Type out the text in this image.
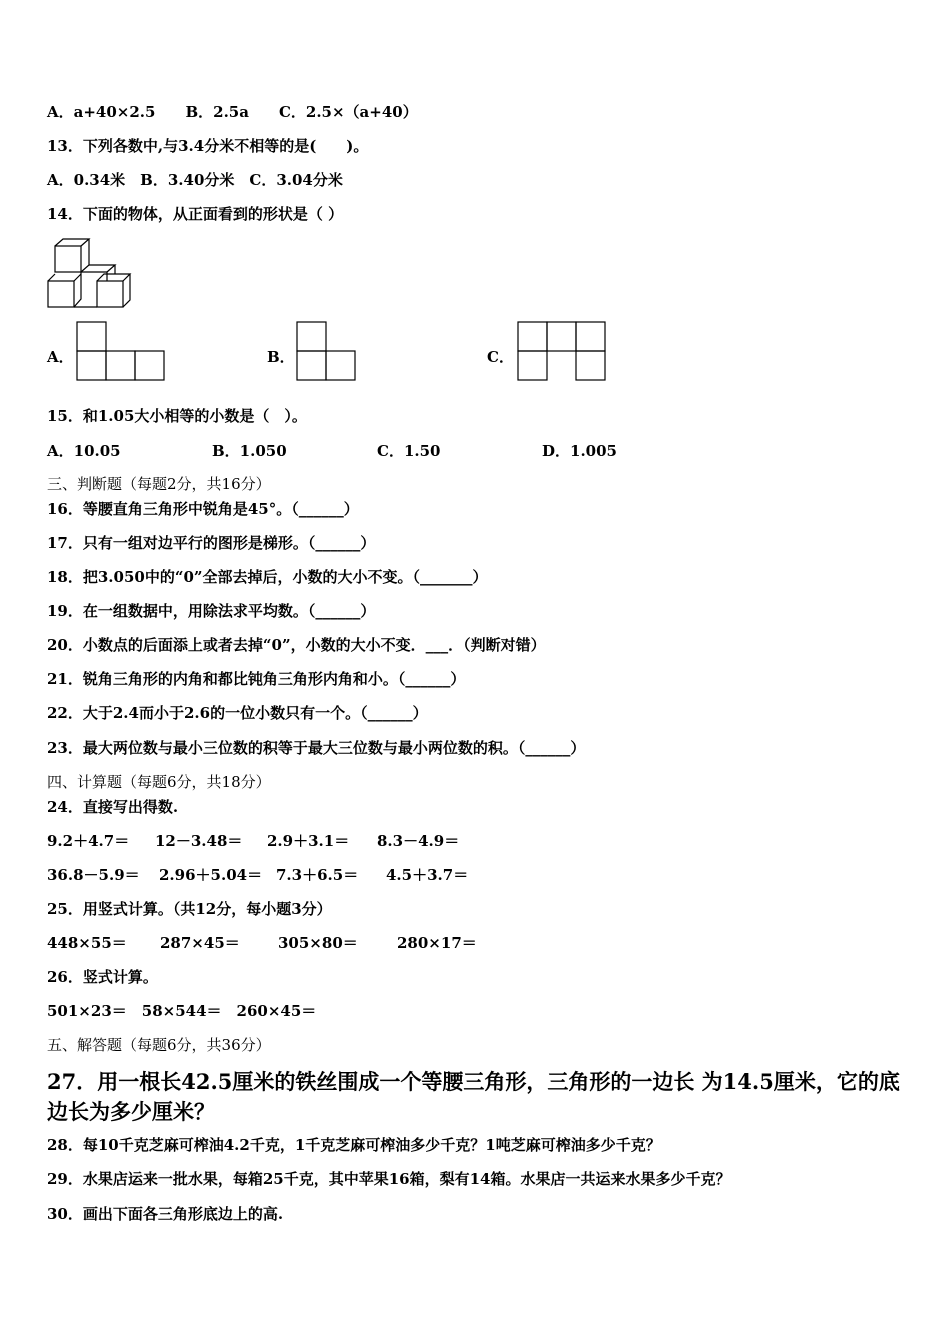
A．a+40×2.5　　B．2.5a　　C．2.5×（a+40）
13．下列各数中,与3.4分米不相等的是(　　)。
A．0.34米　B．3.40分米　C．3.04分米
14．下面的物体，从正面看到的形状是（ ）
A．	B．	C．
15．和1.05大小相等的小数是（　）。
A．10.05	B．1.050	C．1.50	D．1.005
三、判断题（每题2分，共16分）
16．等腰直角三角形中锐角是45°。（______）
17．只有一组对边平行的图形是梯形。（______）
18．把3.050中的“0”全部去掉后，小数的大小不变。（_______）
19．在一组数据中，用除法求平均数。（______）
20．小数点的后面添上或者去掉“0”，小数的大小不变．___．（判断对错）
21．锐角三角形的内角和都比钝角三角形内角和小。（______）
22．大于2.4而小于2.6的一位小数只有一个。（______）
23．最大两位数与最小三位数的积等于最大三位数与最小两位数的积。（______）
四、计算题（每题6分，共18分）
24．直接写出得数.
9.2＋4.7＝ 12－3.48＝ 2.9＋3.1＝ 8.3－4.9＝
36.8－5.9＝ 2.96＋5.04＝ 7.3＋6.5＝ 4.5＋3.7＝
25．用竖式计算。（共12分，每小题3分）
448×55＝ 287×45＝	305×80＝	280×17＝
26．竖式计算。
501×23＝　58×544＝　260×45＝
五、解答题（每题6分，共36分）
27．用一根长42.5厘米的铁丝围成一个等腰三角形，三角形的一边长 为14.5厘米，它的底边长为多少厘米？
28．每10千克芝麻可榨油4.2千克，1千克芝麻可榨油多少千克？1吨芝麻可榨油多少千克？
29．水果店运来一批水果，每箱25千克，其中苹果16箱，梨有14箱。水果店一共运来水果多少千克？
30．画出下面各三角形底边上的高.
